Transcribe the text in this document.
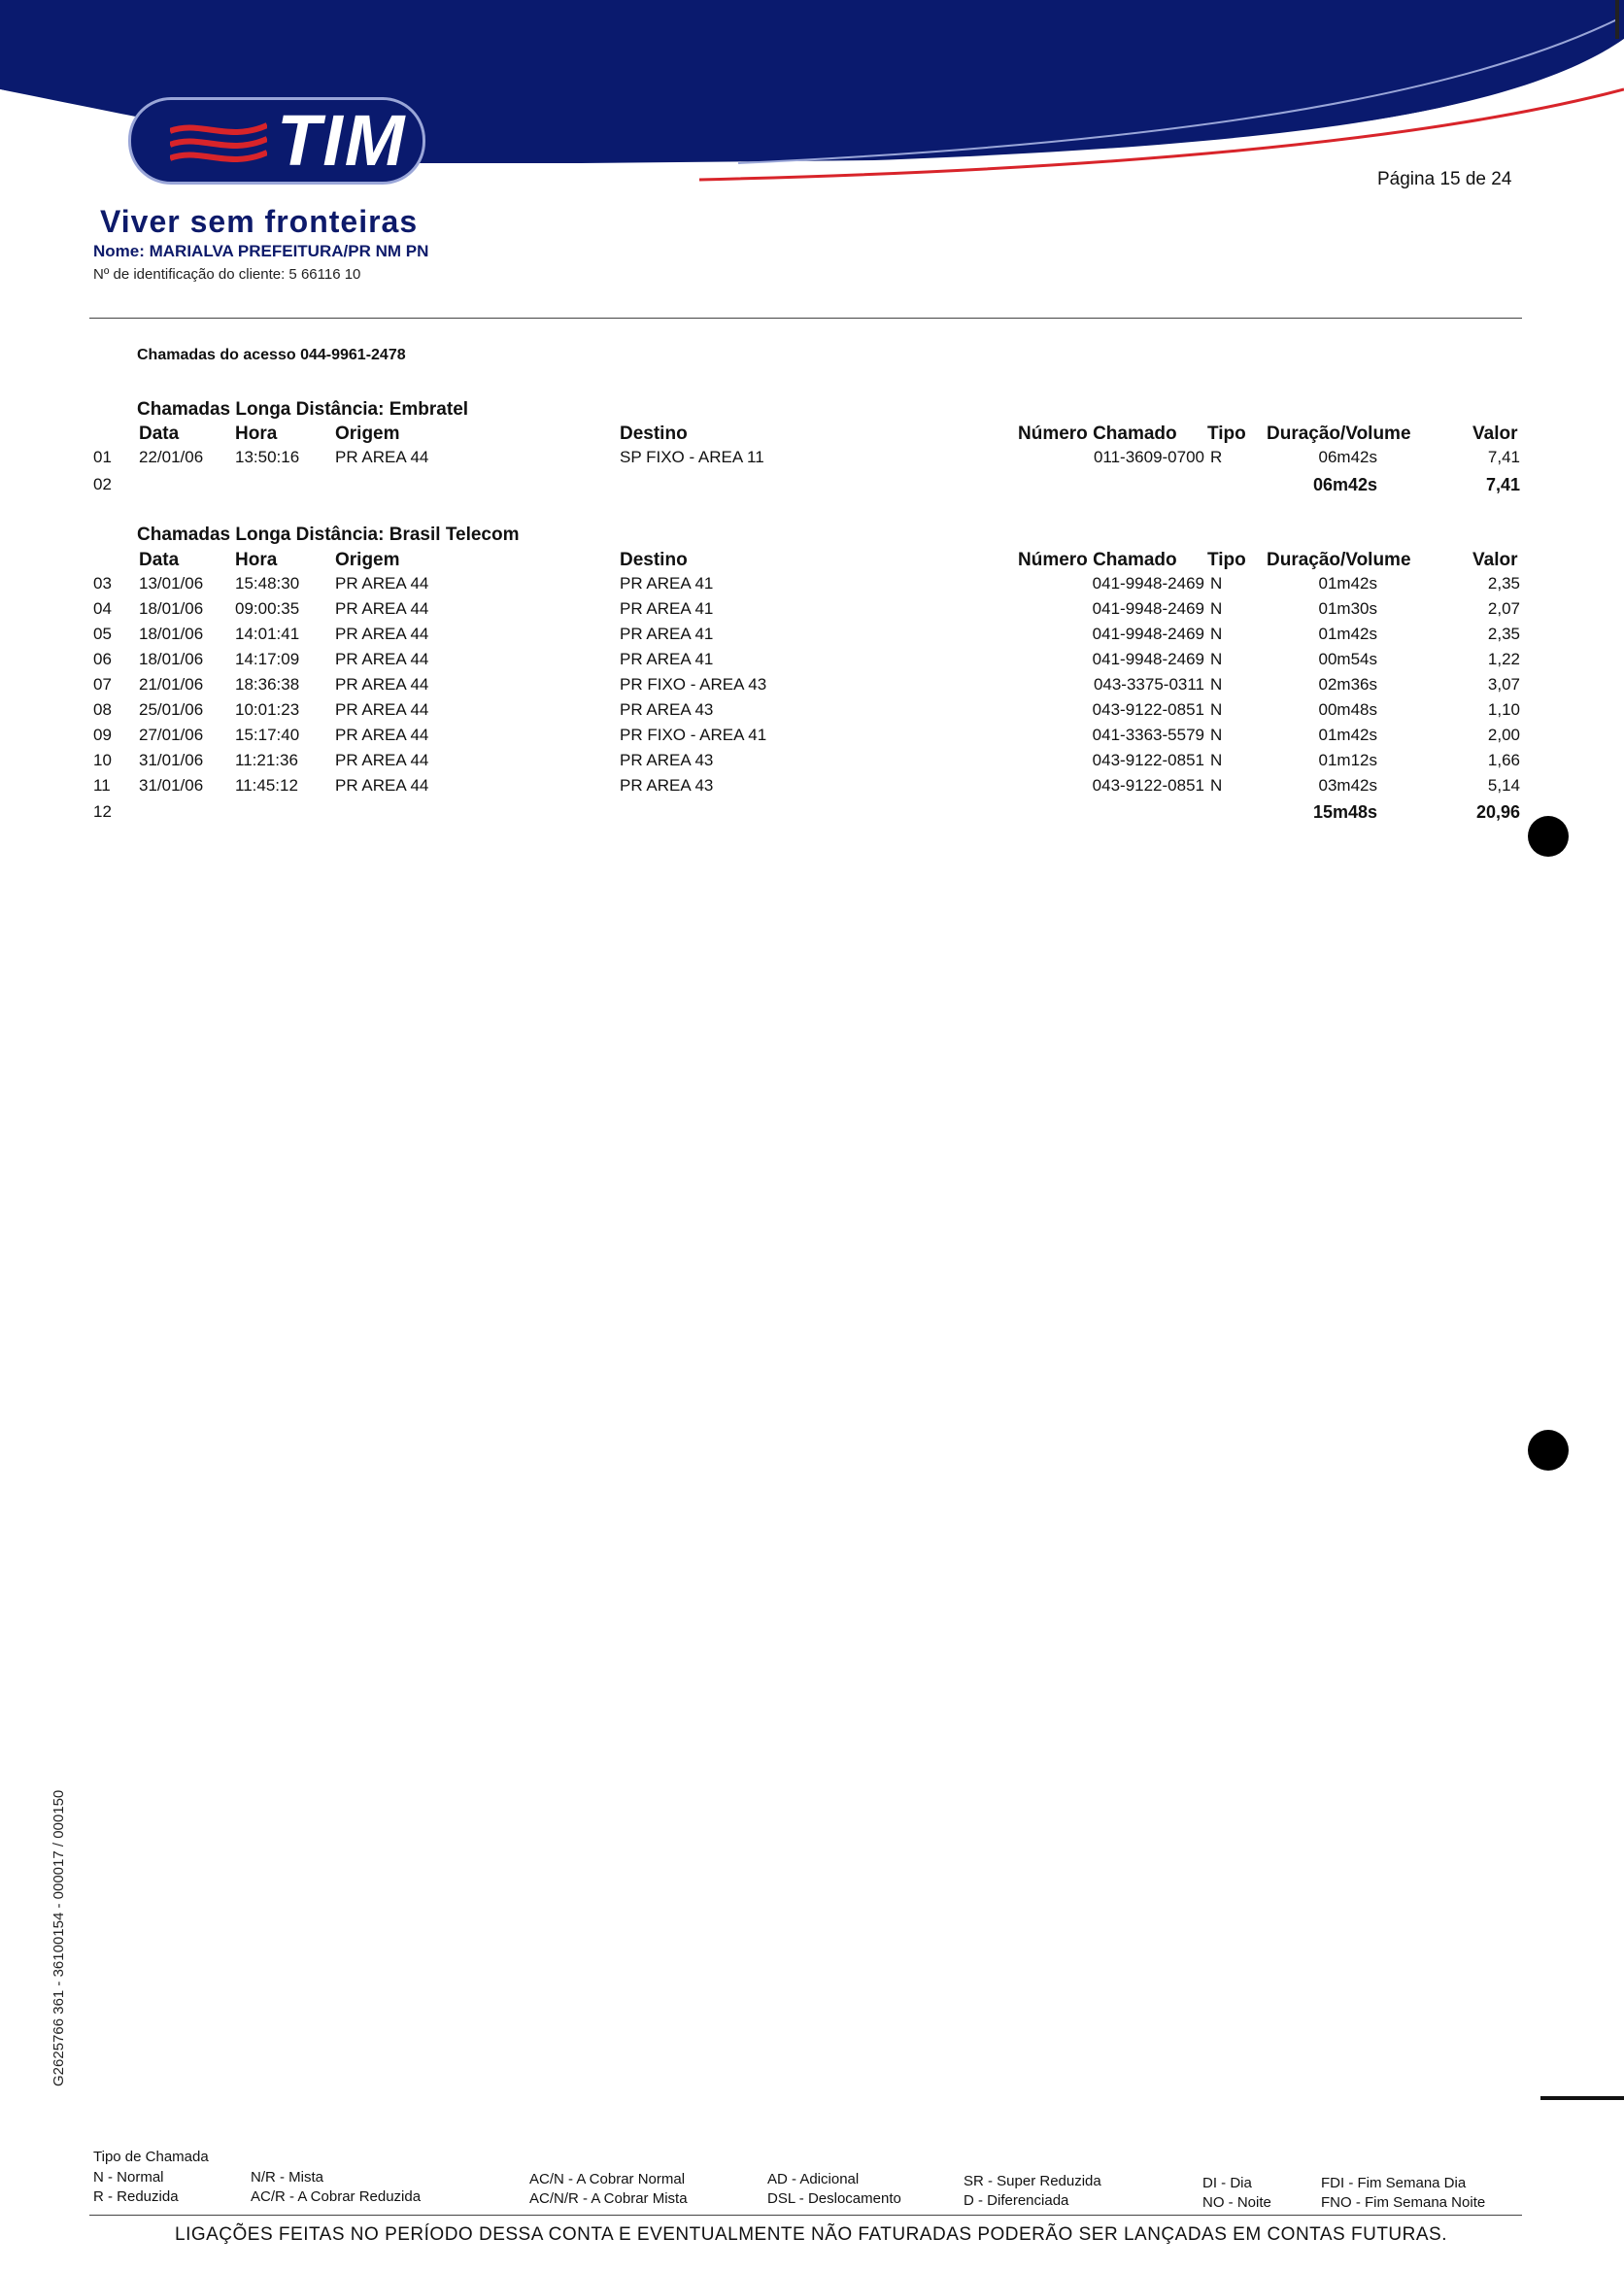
TIM	Página 15 de 24
Viver sem fronteiras
Nome: MARIALVA PREFEITURA/PR NM PN
Nº de identificação do cliente: 5 66116 10
Chamadas do acesso 044-9961-2478
Chamadas Longa Distância: Embratel
Data	Hora	Origem	Destino	Número Chamado Tipo Duração/Volume	Valor
01 22/01/06 13:50:16 PR AREA 44	SP FIXO - AREA 11	011-3609-0700 R	06m42s	7,41
02	06m42s	7,41
Chamadas Longa Distância: Brasil Telecom
Data	Hora	Origem	Destino	Número Chamado Tipo Duração/Volume	Valor
03 13/01/06 15:48:30 PR AREA 44	PR AREA 41	041-9948-2469 N	01m42s	2,35
04 18/01/06 09:00:35 PR AREA 44	PR AREA 41	041-9948-2469 N	01m30s	2,07
05 18/01/06 14:01:41 PR AREA 44	PR AREA 41	041-9948-2469 N	01m42s	2,35
06 18/01/06 14:17:09 PR AREA 44	PR AREA 41	041-9948-2469 N	00m54s	1,22
07 21/01/06 18:36:38 PR AREA 44	PR FIXO - AREA 43	043-3375-0311 N	02m36s	3,07
08 25/01/06 10:01:23 PR AREA 44	PR AREA 43	043-9122-0851 N	00m48s	1,10
09 27/01/06 15:17:40 PR AREA 44	PR FIXO - AREA 41	041-3363-5579 N	01m42s	2,00
10 31/01/06 11:21:36 PR AREA 44	PR AREA 43	043-9122-0851 N	01m12s	1,66
11 31/01/06 11:45:12 PR AREA 44	PR AREA 43	043-9122-0851 N	03m42s	5,14
12	15m48s	20,96
G2625766 361 - 36100154 - 000017 / 000150
Tipo de Chamada
N - Normal
R - Reduzida
N/R - Mista
AC/R - A Cobrar Reduzida
AC/N - A Cobrar Normal
AC/N/R - A Cobrar Mista
AD - Adicional
DSL - Deslocamento
SR - Super Reduzida
D - Diferenciada
DI - Dia
NO - Noite
FDI - Fim Semana Dia
FNO - Fim Semana Noite
LIGAÇÕES FEITAS NO PERÍODO DESSA CONTA E EVENTUALMENTE NÃO FATURADAS PODERÃO SER LANÇADAS EM CONTAS FUTURAS.
